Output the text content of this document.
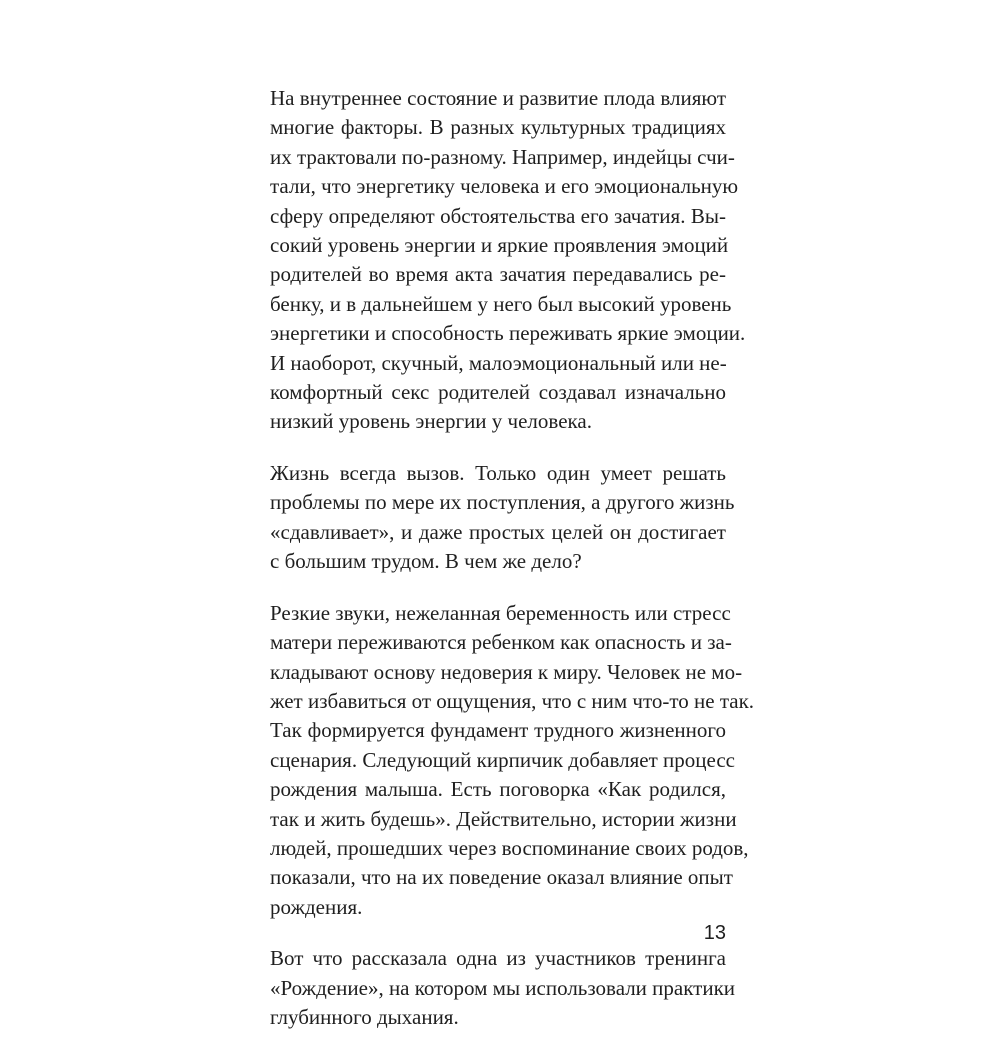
На внутреннее состояние и развитие плода влияют
многие факторы. В разных культурных традициях
их трактовали по-разному. Например, индейцы счи-
тали, что энергетику человека и его эмоциональную
сферу определяют обстоятельства его зачатия. Вы-
сокий уровень энергии и яркие проявления эмоций
родителей во время акта зачатия передавались ре-
бенку, и в дальнейшем у него был высокий уровень
энергетики и способность переживать яркие эмоции.
И наоборот, скучный, малоэмоциональный или не-
комфортный секс родителей создавал изначально
низкий уровень энергии у человека.

Жизнь всегда вызов. Только один умеет решать
проблемы по мере их поступления, а другого жизнь
«сдавливает», и даже простых целей он достигает
с большим трудом. В чем же дело?

Резкие звуки, нежеланная беременность или стресс
матери переживаются ребенком как опасность и за-
кладывают основу недоверия к миру. Человек не мо-
жет избавиться от ощущения, что с ним что-то не так.
Так формируется фундамент трудного жизненного
сценария. Следующий кирпичик добавляет процесс
рождения малыша. Есть поговорка «Как родился,
так и жить будешь». Действительно, истории жизни
людей, прошедших через воспоминание своих родов,
показали, что на их поведение оказал влияние опыт
рождения.

Вот что рассказала одна из участников тренинга
«Рождение», на котором мы использовали практики
глубинного дыхания.

13
